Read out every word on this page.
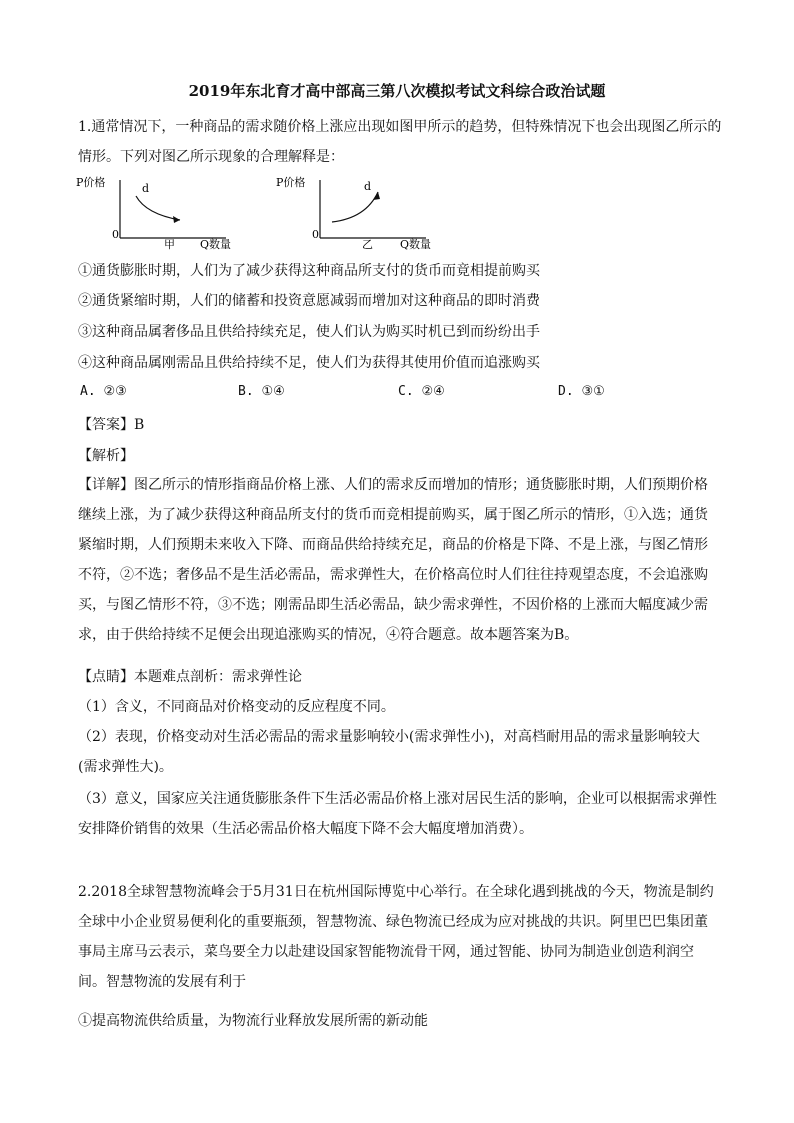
2019年东北育才高中部高三第八次模拟考试文科综合政治试题
1.通常情况下，一种商品的需求随价格上涨应出现如图甲所示的趋势，但特殊情况下也会出现图乙所示的
情形。下列对图乙所示现象的合理解释是：
P价格
0
Q数量
d
甲
P价格
0
Q数量
d
乙
①通货膨胀时期，人们为了减少获得这种商品所支付的货币而竟相提前购买
②通货紧缩时期，人们的储蓄和投资意愿减弱而增加对这种商品的即时消费
③这种商品属奢侈品且供给持续充足，使人们认为购买时机已到而纷纷出手
④这种商品属刚需品且供给持续不足，使人们为获得其使用价值而追涨购买
A. ②③	B. ①④	C. ②④	D. ③①
【答案】B
【解析】
【详解】图乙所示的情形指商品价格上涨、人们的需求反而增加的情形；通货膨胀时期，人们预期价格继续上涨，为了减少获得这种商品所支付的货币而竞相提前购买，属于图乙所示的情形，①入选；通货紧缩时期，人们预期未来收入下降、而商品供给持续充足，商品的价格是下降、不是上涨，与图乙情形不符，②不选；奢侈品不是生活必需品，需求弹性大，在价格高位时人们往往持观望态度，不会追涨购买，与图乙情形不符，③不选；刚需品即生活必需品，缺少需求弹性，不因价格的上涨而大幅度减少需求，由于供给持续不足便会出现追涨购买的情况，④符合题意。故本题答案为B。
【点睛】本题难点剖析：需求弹性论
（1）含义，不同商品对价格变动的反应程度不同。
（2）表现，价格变动对生活必需品的需求量影响较小(需求弹性小)，对高档耐用品的需求量影响较大(需求弹性大)。
（3）意义，国家应关注通货膨胀条件下生活必需品价格上涨对居民生活的影响，企业可以根据需求弹性安排降价销售的效果（生活必需品价格大幅度下降不会大幅度增加消费）。
2.2018全球智慧物流峰会于5月31日在杭州国际博览中心举行。在全球化遇到挑战的今天，物流是制约全球中小企业贸易便利化的重要瓶颈，智慧物流、绿色物流已经成为应对挑战的共识。阿里巴巴集团董事局主席马云表示，菜鸟要全力以赴建设国家智能物流骨干网，通过智能、协同为制造业创造利润空间。智慧物流的发展有利于
①提高物流供给质量，为物流行业释放发展所需的新动能
